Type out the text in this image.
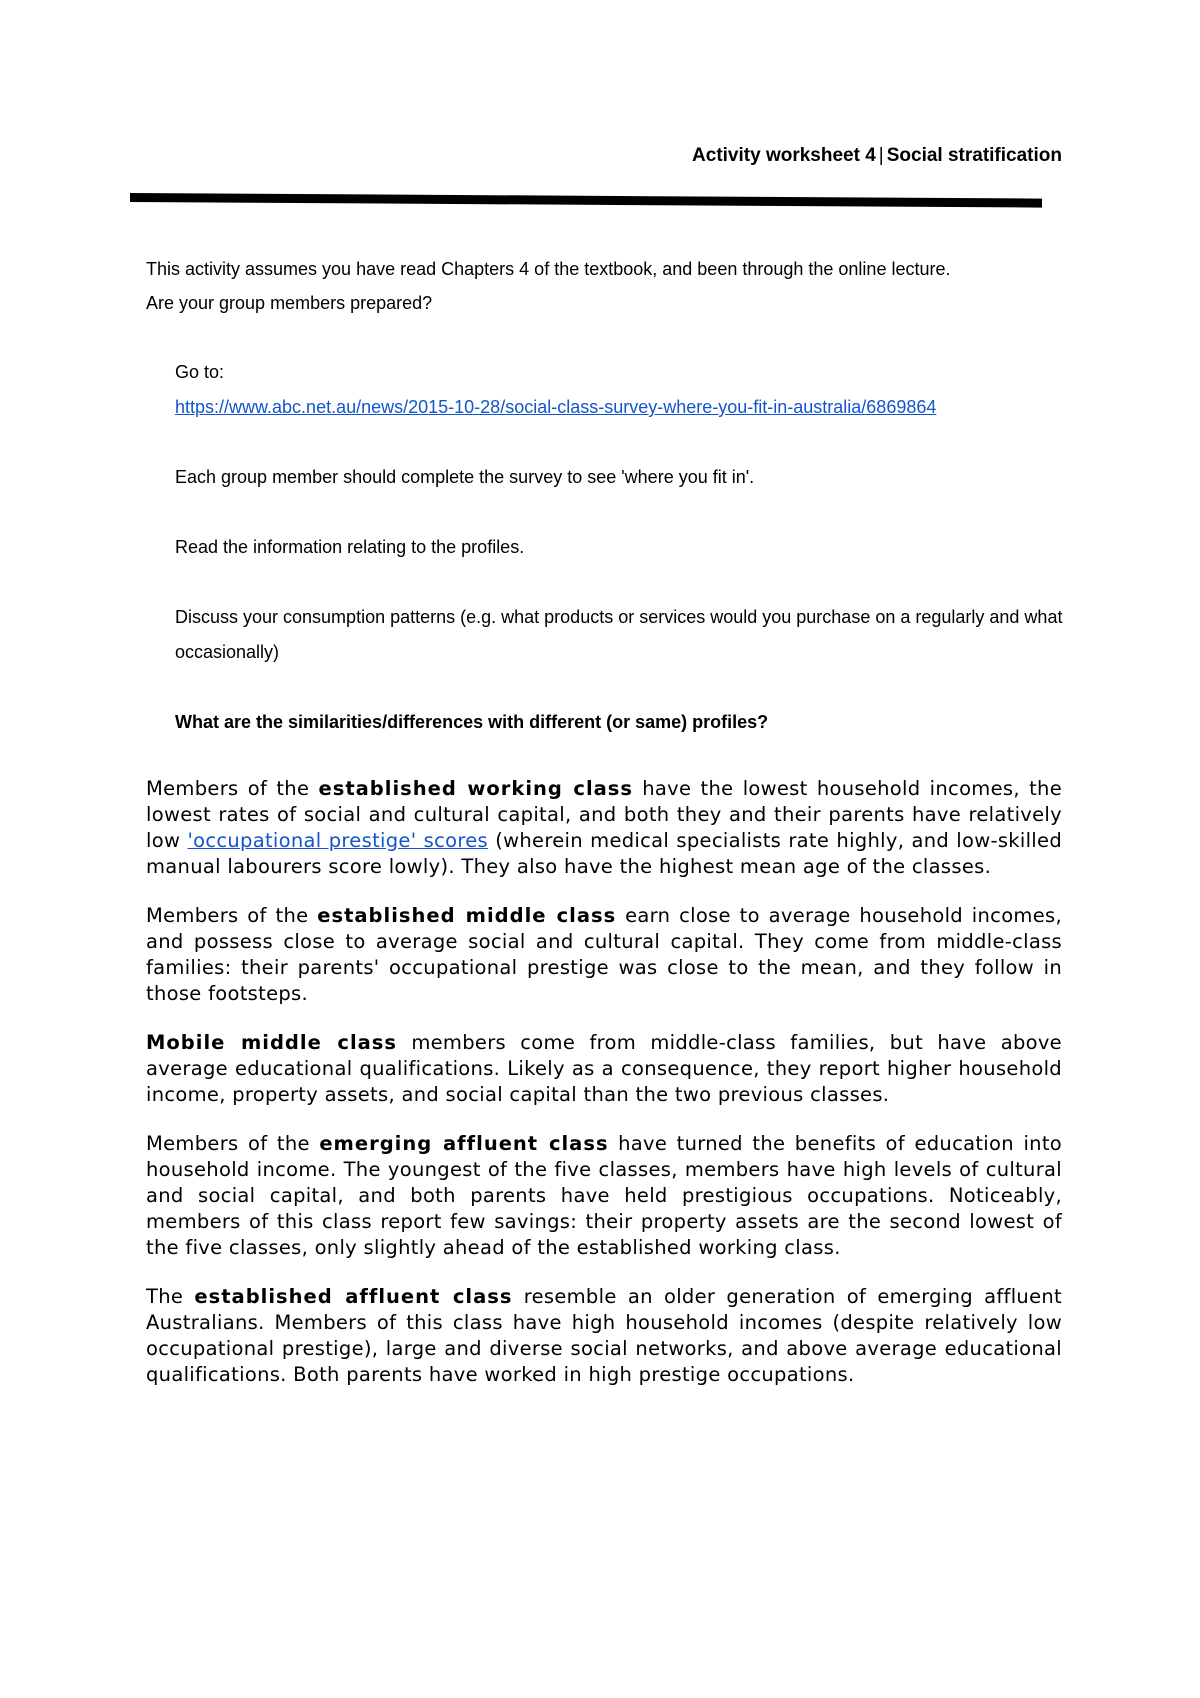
Activity worksheet 4 | Social stratification
This activity assumes you have read Chapters 4 of the textbook, and been through the online lecture.
Are your group members prepared?
Go to:
https://www.abc.net.au/news/2015-10-28/social-class-survey-where-you-fit-in-australia/6869864
Each group member should complete the survey to see 'where you fit in'.
Read the information relating to the profiles.
Discuss your consumption patterns (e.g. what products or services would you purchase on a regularly and what occasionally)
What are the similarities/differences with different (or same) profiles?

Members of the established working class have the lowest household incomes, the lowest rates of social and cultural capital, and both they and their parents have relatively low 'occupational prestige' scores (wherein medical specialists rate highly, and low-skilled manual labourers score lowly). They also have the highest mean age of the classes.

Members of the established middle class earn close to average household incomes, and possess close to average social and cultural capital. They come from middle-class families: their parents' occupational prestige was close to the mean, and they follow in those footsteps.

Mobile middle class members come from middle-class families, but have above average educational qualifications. Likely as a consequence, they report higher household income, property assets, and social capital than the two previous classes.

Members of the emerging affluent class have turned the benefits of education into household income. The youngest of the five classes, members have high levels of cultural and social capital, and both parents have held prestigious occupations. Noticeably, members of this class report few savings: their property assets are the second lowest of the five classes, only slightly ahead of the established working class.

The established affluent class resemble an older generation of emerging affluent Australians. Members of this class have high household incomes (despite relatively low occupational prestige), large and diverse social networks, and above average educational qualifications. Both parents have worked in high prestige occupations.
